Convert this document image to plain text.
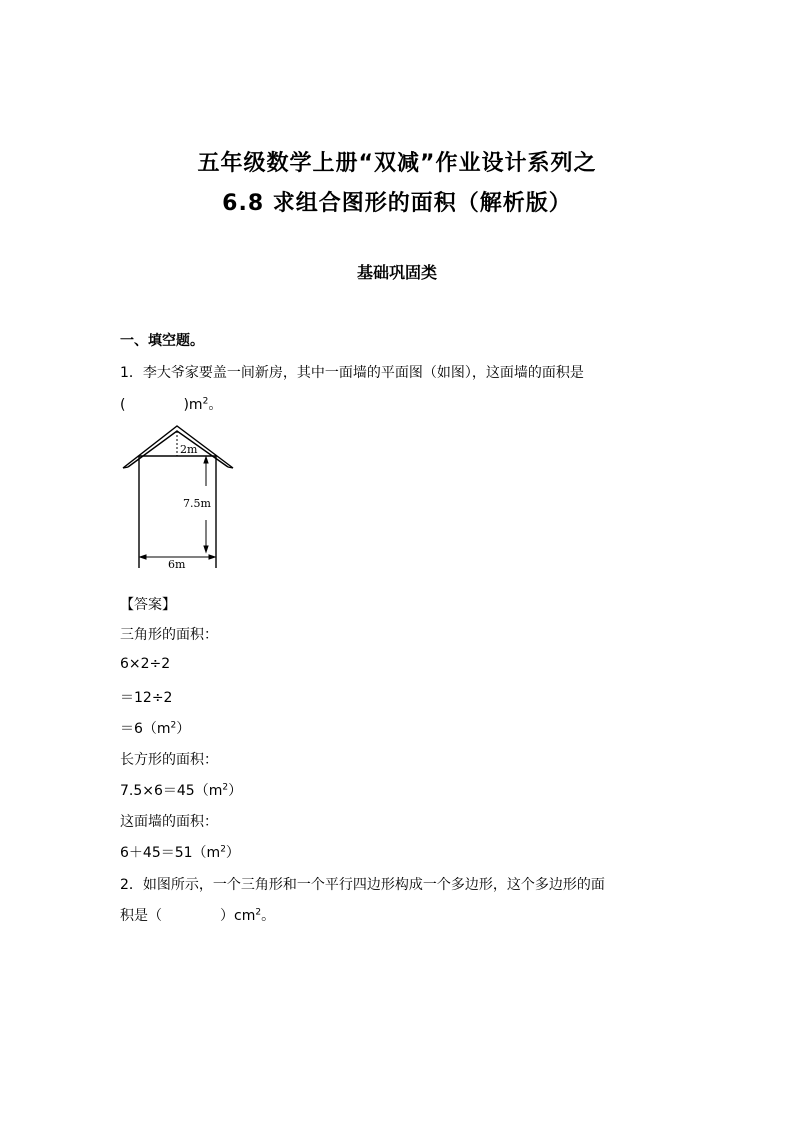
五年级数学上册“双减”作业设计系列之
6.8 求组合图形的面积（解析版）
基础巩固类
一、填空题。
1．李大爷家要盖一间新房，其中一面墙的平面图（如图），这面墙的面积是
(	)$m^2$。
2m
7.5m
6m
【答案】
三角形的面积：
6×2÷2
＝12÷2
$=6(m^2)$
长方形的面积：
$7.5\times 6=45(m^2)$
这面墙的面积：
$6+45=51(m^2)$
2．如图所示，一个三角形和一个平行四边形构成一个多边形，这个多边形的面
积是（	）$cm^2$。
